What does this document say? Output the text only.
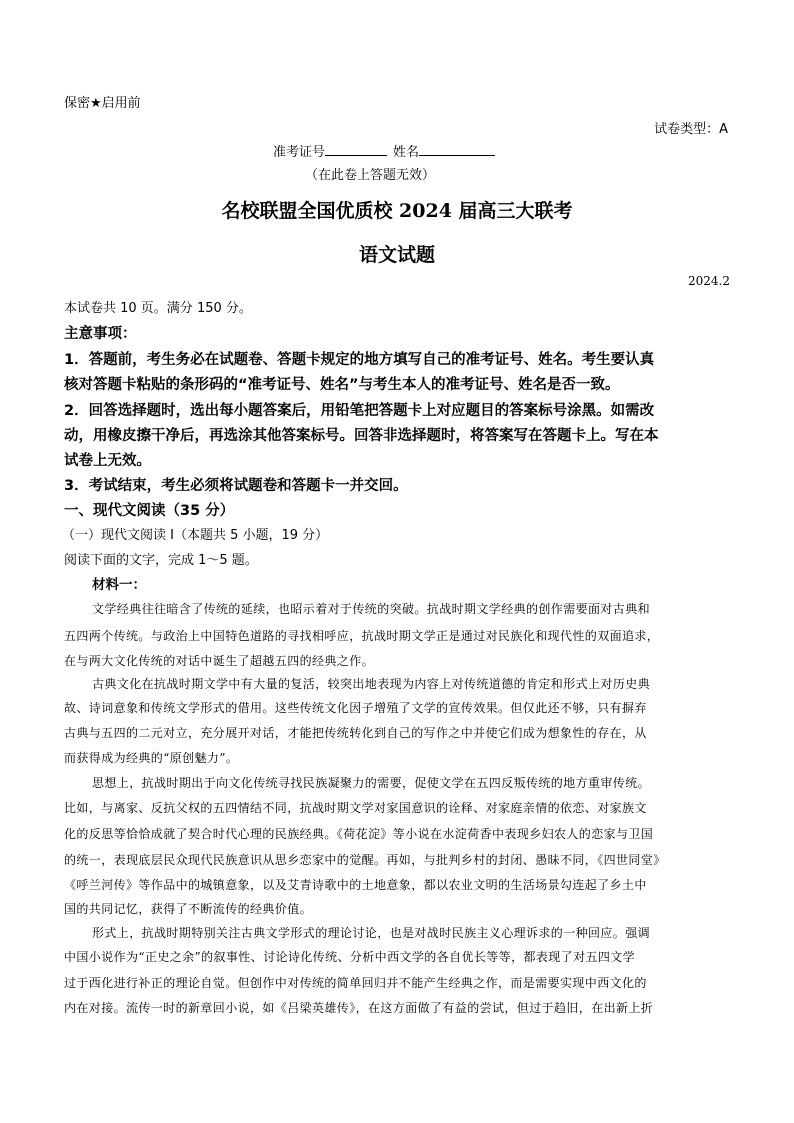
保密★启用前
试卷类型：A
准考证号	姓名
（在此卷上答题无效）
名校联盟全国优质校 2024 届高三大联考
语文试题
2024.2
本试卷共 10 页。满分 150 分。
主意事项：
1．答题前，考生务必在试题卷、答题卡规定的地方填写自己的准考证号、姓名。考生要认真
核对答题卡粘贴的条形码的“准考证号、姓名”与考生本人的准考证号、姓名是否一致。
2．回答选择题时，选出每小题答案后，用铅笔把答题卡上对应题目的答案标号涂黑。如需改
动，用橡皮擦干净后，再选涂其他答案标号。回答非选择题时，将答案写在答题卡上。写在本
试卷上无效。
3．考试结束，考生必须将试题卷和答题卡一并交回。
一、现代文阅读（35 分）
（一）现代文阅读 I（本题共 5 小题，19 分）
阅读下面的文字，完成 1～5 题。
材料一：
文学经典往往暗含了传统的延续，也昭示着对于传统的突破。抗战时期文学经典的创作需要面对古典和
五四两个传统。与政治上中国特色道路的寻找相呼应，抗战时期文学正是通过对民族化和现代性的双面追求，
在与两大文化传统的对话中诞生了超越五四的经典之作。
古典文化在抗战时期文学中有大量的复活，较突出地表现为内容上对传统道德的肯定和形式上对历史典
故、诗词意象和传统文学形式的借用。这些传统文化因子增殖了文学的宣传效果。但仅此还不够，只有摒弃
古典与五四的二元对立，充分展开对话，才能把传统转化到自己的写作之中并使它们成为想象性的存在，从
而获得成为经典的“原创魅力”。
思想上，抗战时期出于向文化传统寻找民族凝聚力的需要，促使文学在五四反叛传统的地方重审传统。
比如，与离家、反抗父权的五四情结不同，抗战时期文学对家国意识的诠释、对家庭亲情的依恋、对家族文
化的反思等恰恰成就了契合时代心理的民族经典。《荷花淀》等小说在水淀荷香中表现乡妇农人的恋家与卫国
的统一，表现底层民众现代民族意识从思乡恋家中的觉醒。再如，与批判乡村的封闭、愚昧不同，《四世同堂》
《呼兰河传》等作品中的城镇意象，以及艾青诗歌中的土地意象，都以农业文明的生活场景勾连起了乡土中
国的共同记忆，获得了不断流传的经典价值。
形式上，抗战时期特别关注古典文学形式的理论讨论，也是对战时民族主义心理诉求的一种回应。强调
中国小说作为“正史之余”的叙事性、讨论诗化传统、分析中西文学的各自优长等等，都表现了对五四文学
过于西化进行补正的理论自觉。但创作中对传统的简单回归并不能产生经典之作，而是需要实现中西文化的
内在对接。流传一时的新章回小说，如《吕梁英雄传》，在这方面做了有益的尝试，但过于趋旧，在出新上折
